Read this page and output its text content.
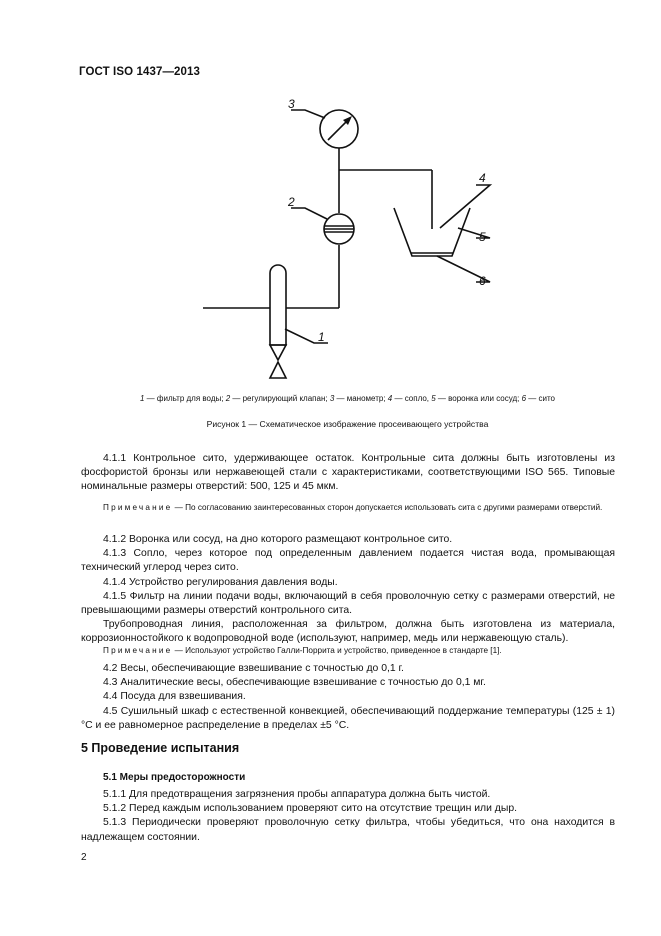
ГОСТ ISO 1437—2013
3
2
4
5
6
1
1 — фильтр для воды; 2 — регулирующий клапан; 3 — манометр; 4 — сопло, 5 — воронка или сосуд; 6 — сито
Рисунок 1 — Схематическое изображение просеивающего устройства

4.1.1 Контрольное сито, удерживающее остаток. Контрольные сита должны быть изготовлены из фосфористой бронзы или нержавеющей стали с характеристиками, соответствующими ISO 565. Типовые номинальные размеры отверстий: 500, 125 и 45 мкм.

Примечание — По согласованию заинтересованных сторон допускается использовать сита с другими размерами отверстий.

4.1.2 Воронка или сосуд, на дно которого размещают контрольное сито.

4.1.3 Сопло, через которое под определенным давлением подается чистая вода, промывающая технический углерод через сито.

4.1.4 Устройство регулирования давления воды.

4.1.5 Фильтр на линии подачи воды, включающий в себя проволочную сетку с размерами отверстий, не превышающими размеры отверстий контрольного сита.

Трубопроводная линия, расположенная за фильтром, должна быть изготовлена из материала, коррозионностойкого к водопроводной воде (используют, например, медь или нержавеющую сталь).

Примечание — Используют устройство Галли-Поррита и устройство, приведенное в стандарте [1].

4.2 Весы, обеспечивающие взвешивание с точностью до 0,1 г.

4.3 Аналитические весы, обеспечивающие взвешивание с точностью до 0,1 мг.

4.4 Посуда для взвешивания.

4.5 Сушильный шкаф с естественной конвекцией, обеспечивающий поддержание температуры (125 ± 1) °С и ее равномерное распределение в пределах ±5 °С.

5 Проведение испытания
5.1 Меры предосторожности

5.1.1 Для предотвращения загрязнения пробы аппаратура должна быть чистой.

5.1.2 Перед каждым использованием проверяют сито на отсутствие трещин или дыр.

5.1.3 Периодически проверяют проволочную сетку фильтра, чтобы убедиться, что она находится в надлежащем состоянии.

2
